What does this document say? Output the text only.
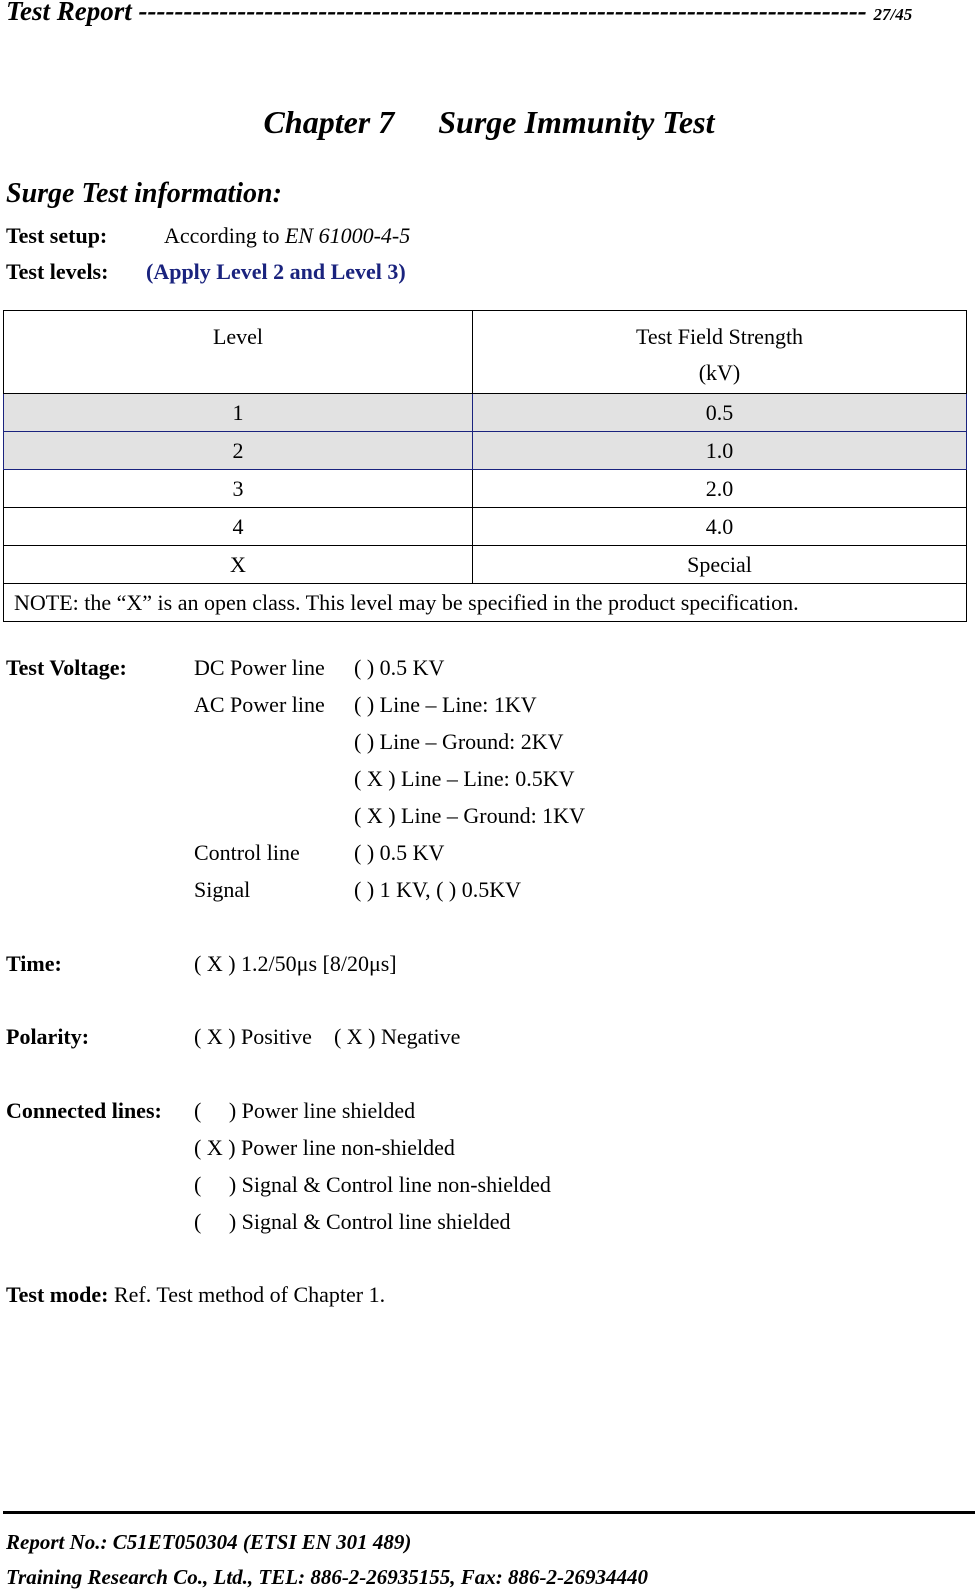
Test Report --------------------------------------------------------------------------------- 27/45
Chapter 7 Surge Immunity Test
Surge Test information:
Test setup:	According to EN 61000-4-5
Test levels: (Apply Level 2 and Level 3)
Level	Test Field Strength
(kV)
1	0.5
2	1.0
3	2.0
4	4.0
X	Special
NOTE: the “X” is an open class. This level may be specified in the product specification.	
Test Voltage:	DC Power line ( ) 0.5 KV
AC Power line ( ) Line – Line: 1KV
( ) Line – Ground: 2KV
( X ) Line – Line: 0.5KV
( X ) Line – Ground: 1KV
Control line ( ) 0.5 KV
Signal	( ) 1 KV, ( ) 0.5KV
Time:	( X ) 1.2/50μs [8/20μs]
Polarity:	( X ) Positive    ( X ) Negative
Connected lines: (     ) Power line shielded
( X ) Power line non-shielded
(     ) Signal & Control line non-shielded
(     ) Signal & Control line shielded
Test mode: Ref. Test method of Chapter 1.
Report No.: C51ET050304 (ETSI EN 301 489)
Training Research Co., Ltd., TEL: 886-2-26935155, Fax: 886-2-26934440
